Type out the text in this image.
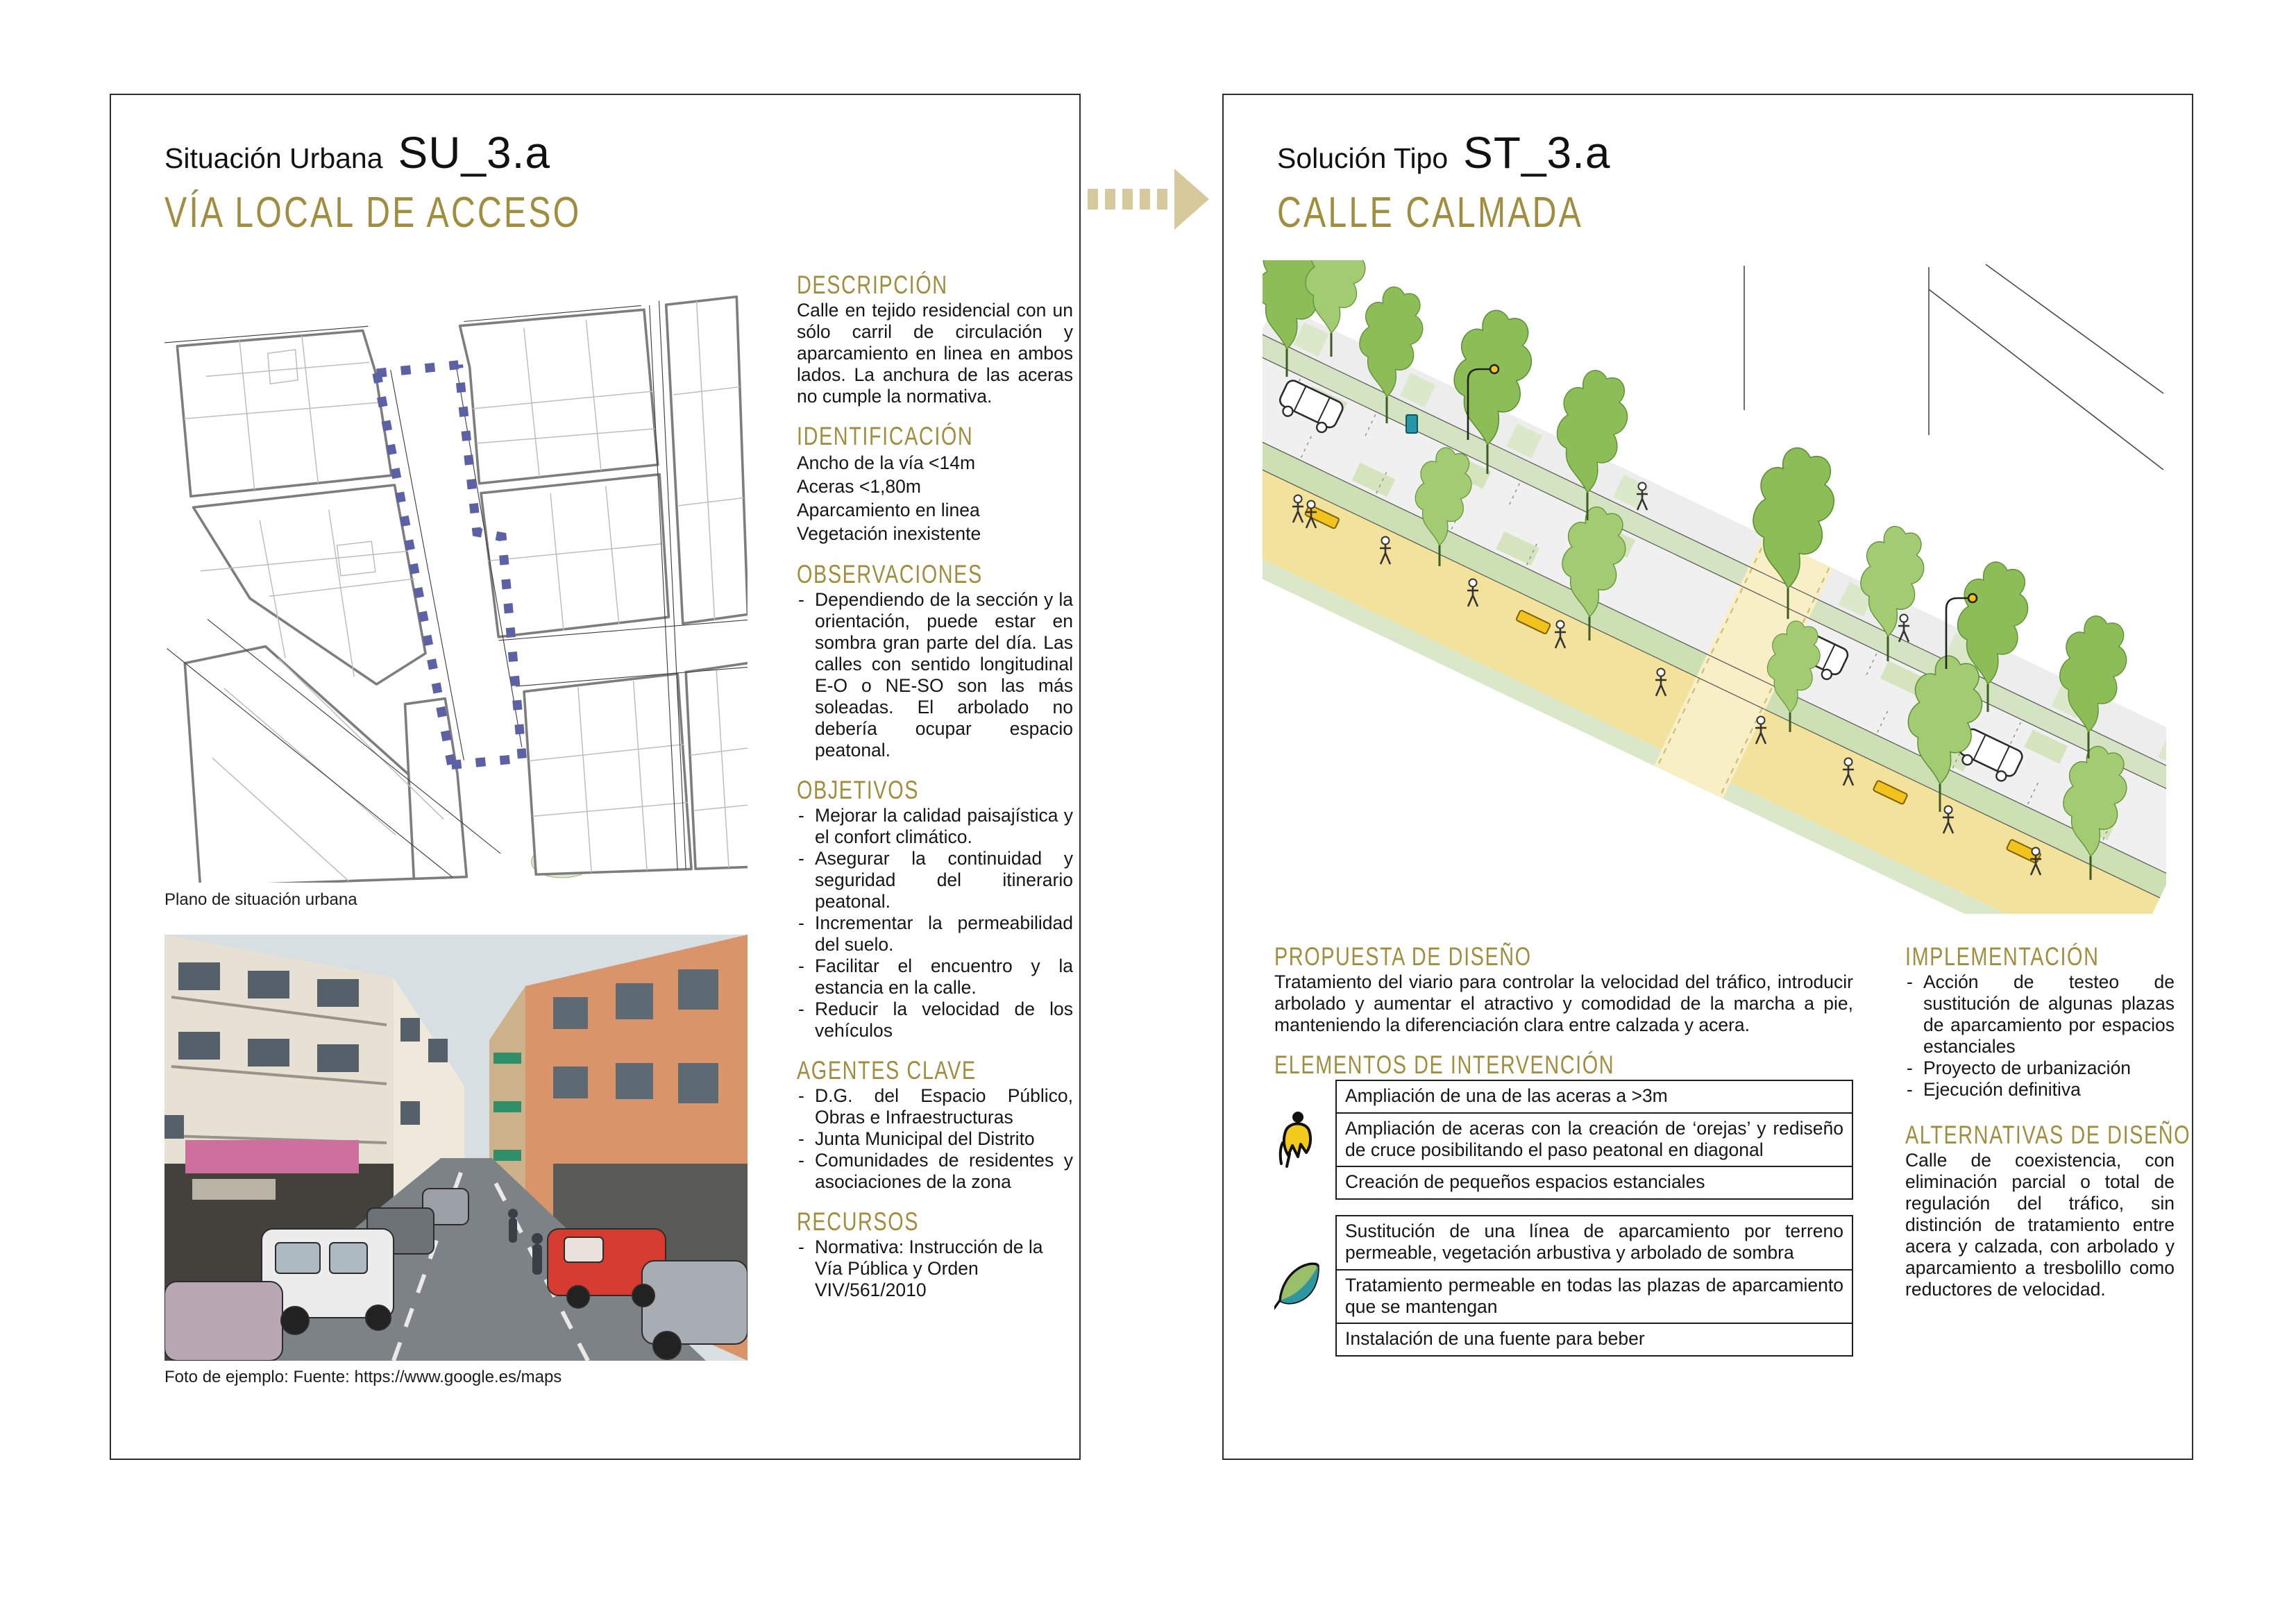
Situación Urbana SU_3.a
VÍA LOCAL DE ACCESO
Plano de situación urbana
Foto de ejemplo: Fuente: https://www.google.es/maps
DESCRIPCIÓN
Calle en tejido residencial con un sólo carril de circulación y aparcamiento en linea en ambos lados. La anchura de las aceras no cumple la normativa.
IDENTIFICACIÓN
Ancho de la vía <14m
Aceras <1,80m
Aparcamiento en linea
Vegetación inexistente
OBSERVACIONES
- Dependiendo de la sección y la orientación, puede estar en sombra gran parte del día. Las calles con sentido longitudinal E-O o NE-SO son las más soleadas. El arbolado no debería ocupar espacio peatonal.
OBJETIVOS
- Mejorar la calidad paisajística y el confort climático.
- Asegurar la continuidad y seguridad del itinerario peatonal.
- Incrementar la permeabilidad del suelo.
- Facilitar el encuentro y la estancia en la calle.
- Reducir la velocidad de los vehículos
AGENTES CLAVE
- D.G. del Espacio Público, Obras e Infraestructuras
- Junta Municipal del Distrito
- Comunidades de residentes y asociaciones de la zona
RECURSOS
- Normativa: Instrucción de la Vía Pública y Orden VIV/561/2010
Solución Tipo ST_3.a
CALLE CALMADA
PROPUESTA DE DISEÑO
Tratamiento del viario para controlar la velocidad del tráfico, introducir arbolado y aumentar el atractivo y comodidad de la marcha a pie, manteniendo la diferenciación clara entre calzada y acera.
ELEMENTOS DE INTERVENCIÓN
Ampliación de una de las aceras a >3m
Ampliación de aceras con la creación de ‘orejas’ y rediseño de cruce posibilitando el paso peatonal en diagonal
Creación de pequeños espacios estanciales
Sustitución de una línea de aparcamiento por terreno permeable, vegetación arbustiva y arbolado de sombra
Tratamiento permeable en todas las plazas de aparcamiento que se mantengan
Instalación de una fuente para beber
IMPLEMENTACIÓN
- Acción de testeo de sustitución de algunas plazas de aparcamiento por espacios estanciales
- Proyecto de urbanización
- Ejecución definitiva
ALTERNATIVAS DE DISEÑO
Calle de coexistencia, con eliminación parcial o total de regulación del tráfico, sin distinción de tratamiento entre acera y calzada, con arbolado y aparcamiento a tresbolillo como reductores de velocidad.
